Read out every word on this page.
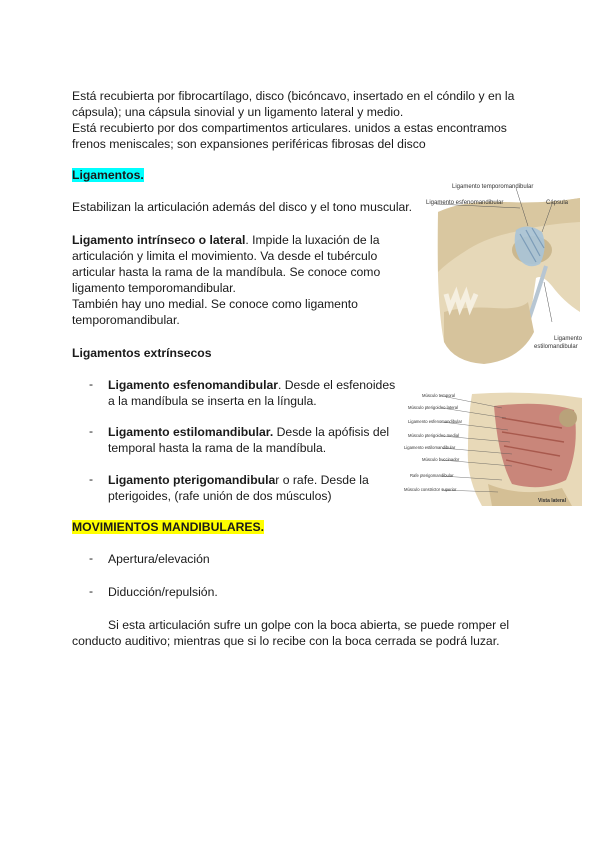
Está recubierta por fibrocartílago, disco (bicóncavo, insertado en el cóndilo y en la
cápsula); una cápsula sinovial y un ligamento lateral y medio.
Está recubierto por dos compartimentos articulares. unidos a estas encontramos
frenos meniscales; son expansiones periféricas fibrosas del disco
Ligamentos.
Estabilizan la articulación además del disco y el tono muscular.
Ligamento intrínseco o lateral. Impide la luxación de la
articulación y limita el movimiento. Va desde el tubérculo
articular hasta la rama de la mandíbula. Se conoce como
ligamento temporomandibular.
También hay uno medial. Se conoce como ligamento
temporomandibular.
Ligamentos extrínsecos
- Ligamento esfenomandibular. Desde el esfenoides
a la mandíbula se inserta en la língula.
- Ligamento estilomandibular. Desde la apófisis del
temporal hasta la rama de la mandíbula.
- Ligamento pterigomandibular o rafe. Desde la
pterigoides, (rafe unión de dos músculos)
MOVIMIENTOS MANDIBULARES.
- Apertura/elevación
- Diducción/repulsión.
Si esta articulación sufre un golpe con la boca abierta, se puede romper el
conducto auditivo; mientras que si lo recibe con la boca cerrada se podrá luzar.
Ligamento temporomandibular
Ligamento esfenomandibular	Cápsula
Ligamento
estilomandibular
Músculo temporal
Músculo pterigoideo lateral
Ligamento esfenomandibular
Músculo pterigoideo medial
Ligamento estilomandibular
Músculo buccinador
Rafe pterigomandibular
Músculo constrictor superior
Vista lateral
